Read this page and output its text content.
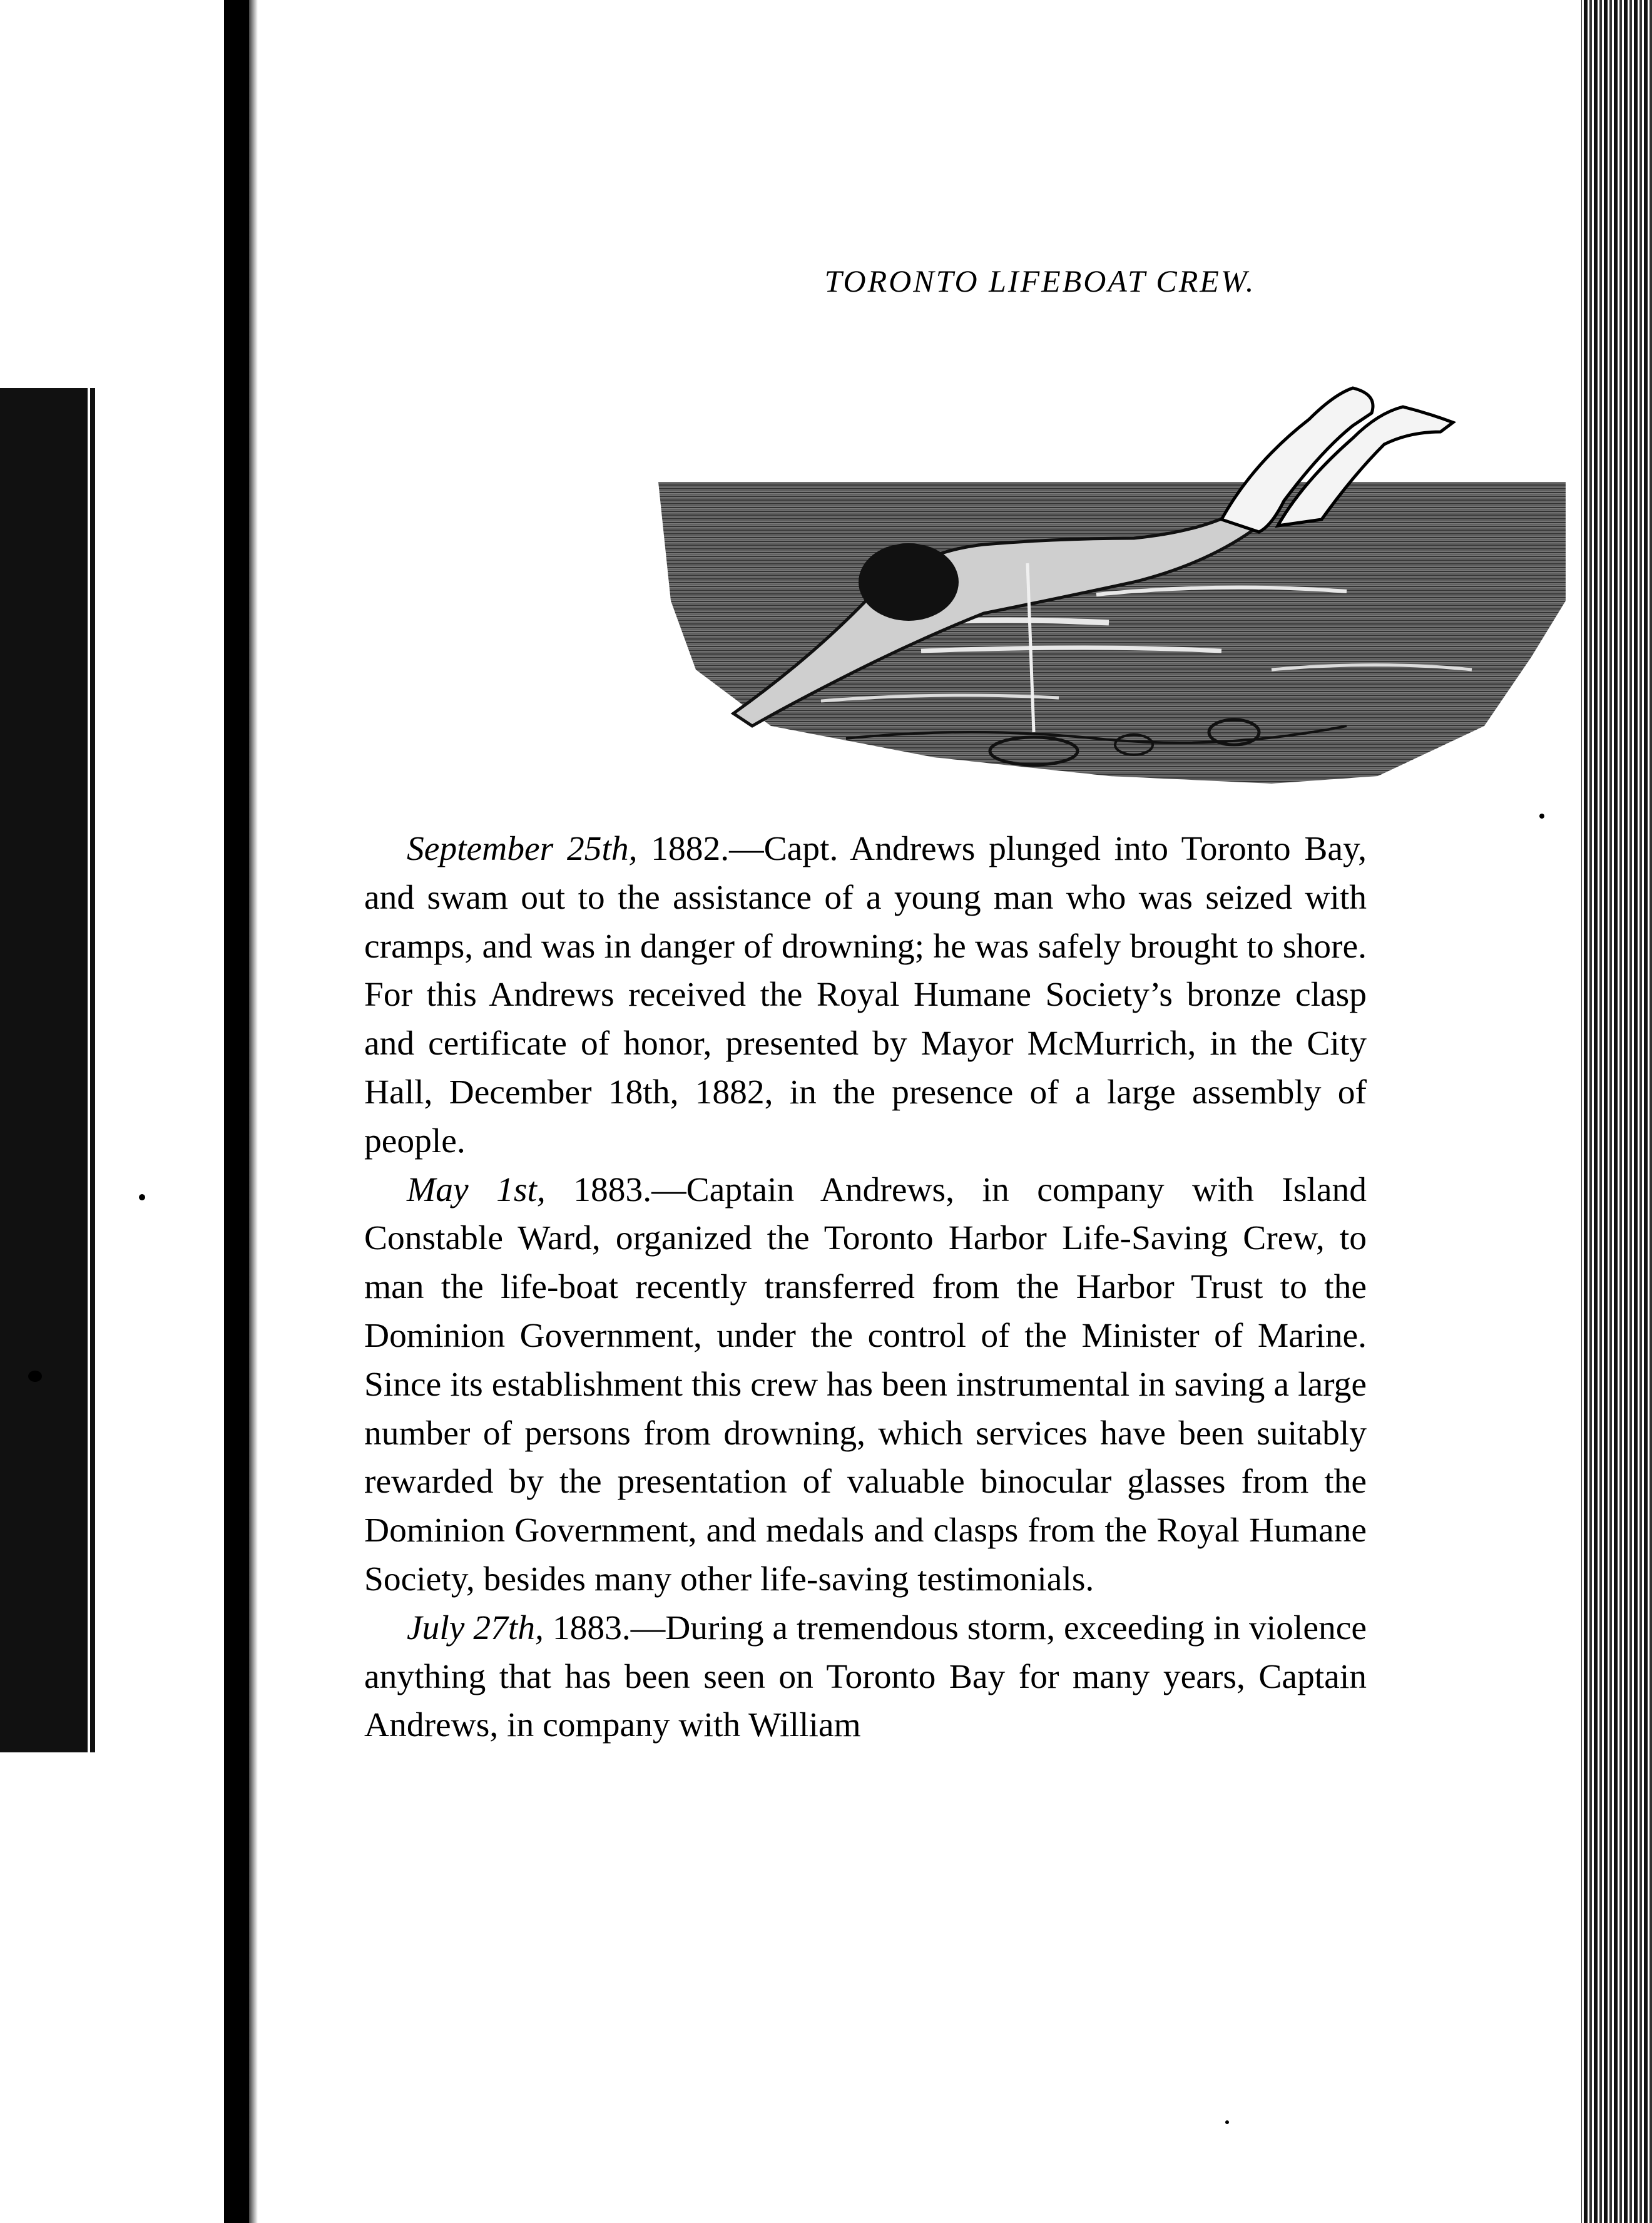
TORONTO LIFEBOAT CREW.

September 25th, 1882.—Capt. Andrews plunged into Toronto Bay, and swam out to the assistance of a young man who was seized with cramps, and was in danger of drowning; he was safely brought to shore. For this Andrews received the Royal Humane Society’s bronze clasp and certificate of honor, presented by Mayor McMurrich, in the City Hall, December 18th, 1882, in the presence of a large assembly of people.

May 1st, 1883.—Captain Andrews, in company with Island Constable Ward, organized the Toronto Harbor Life-Saving Crew, to man the life-boat recently transferred from the Harbor Trust to the Dominion Government, under the control of the Minister of Marine. Since its establishment this crew has been instrumental in saving a large number of persons from drowning, which services have been suitably rewarded by the presentation of valuable binocular glasses from the Dominion Government, and medals and clasps from the Royal Humane Society, besides many other life-saving testimonials.

July 27th, 1883.—During a tremendous storm, exceeding in violence anything that has been seen on Toronto Bay for many years, Captain Andrews, in company with William
